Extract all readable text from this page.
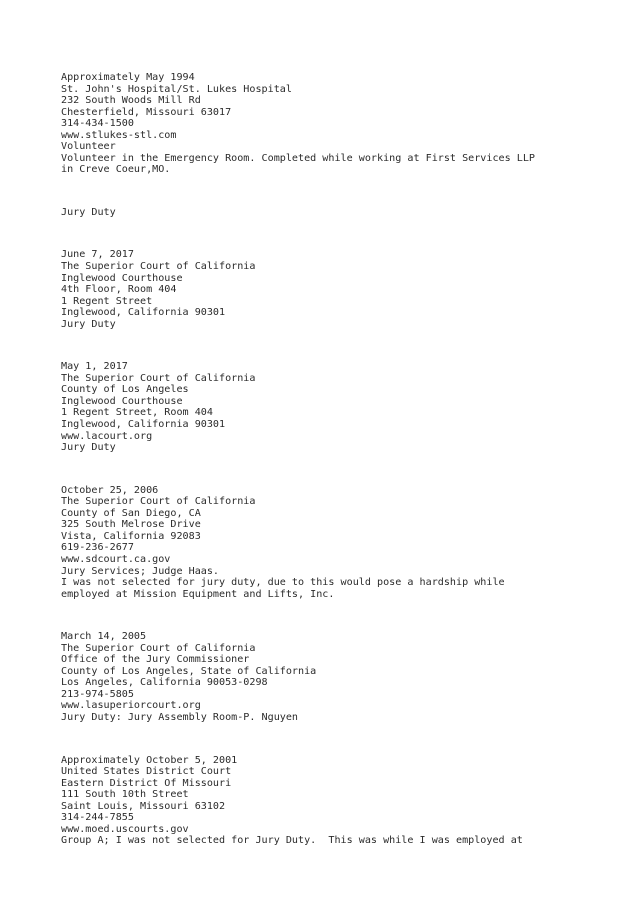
Approximately May 1994
St. John's Hospital/St. Lukes Hospital
232 South Woods Mill Rd
Chesterfield, Missouri 63017
314-434-1500
www.stlukes-stl.com
Volunteer
Volunteer in the Emergency Room. Completed while working at First Services LLP
in Creve Coeur,MO.
Jury Duty
June 7, 2017
The Superior Court of California
Inglewood Courthouse
4th Floor, Room 404
1 Regent Street
Inglewood, California 90301
Jury Duty
May 1, 2017
The Superior Court of California
County of Los Angeles
Inglewood Courthouse
1 Regent Street, Room 404
Inglewood, California 90301
www.lacourt.org
Jury Duty
October 25, 2006
The Superior Court of California
County of San Diego, CA
325 South Melrose Drive
Vista, California 92083
619-236-2677
www.sdcourt.ca.gov
Jury Services; Judge Haas.
I was not selected for jury duty, due to this would pose a hardship while
employed at Mission Equipment and Lifts, Inc.
March 14, 2005
The Superior Court of California
Office of the Jury Commissioner
County of Los Angeles, State of California
Los Angeles, California 90053-0298
213-974-5805
www.lasuperiorcourt.org
Jury Duty: Jury Assembly Room-P. Nguyen
Approximately October 5, 2001
United States District Court
Eastern District Of Missouri
111 South 10th Street
Saint Louis, Missouri 63102
314-244-7855
www.moed.uscourts.gov
Group A; I was not selected for Jury Duty.  This was while I was employed at
